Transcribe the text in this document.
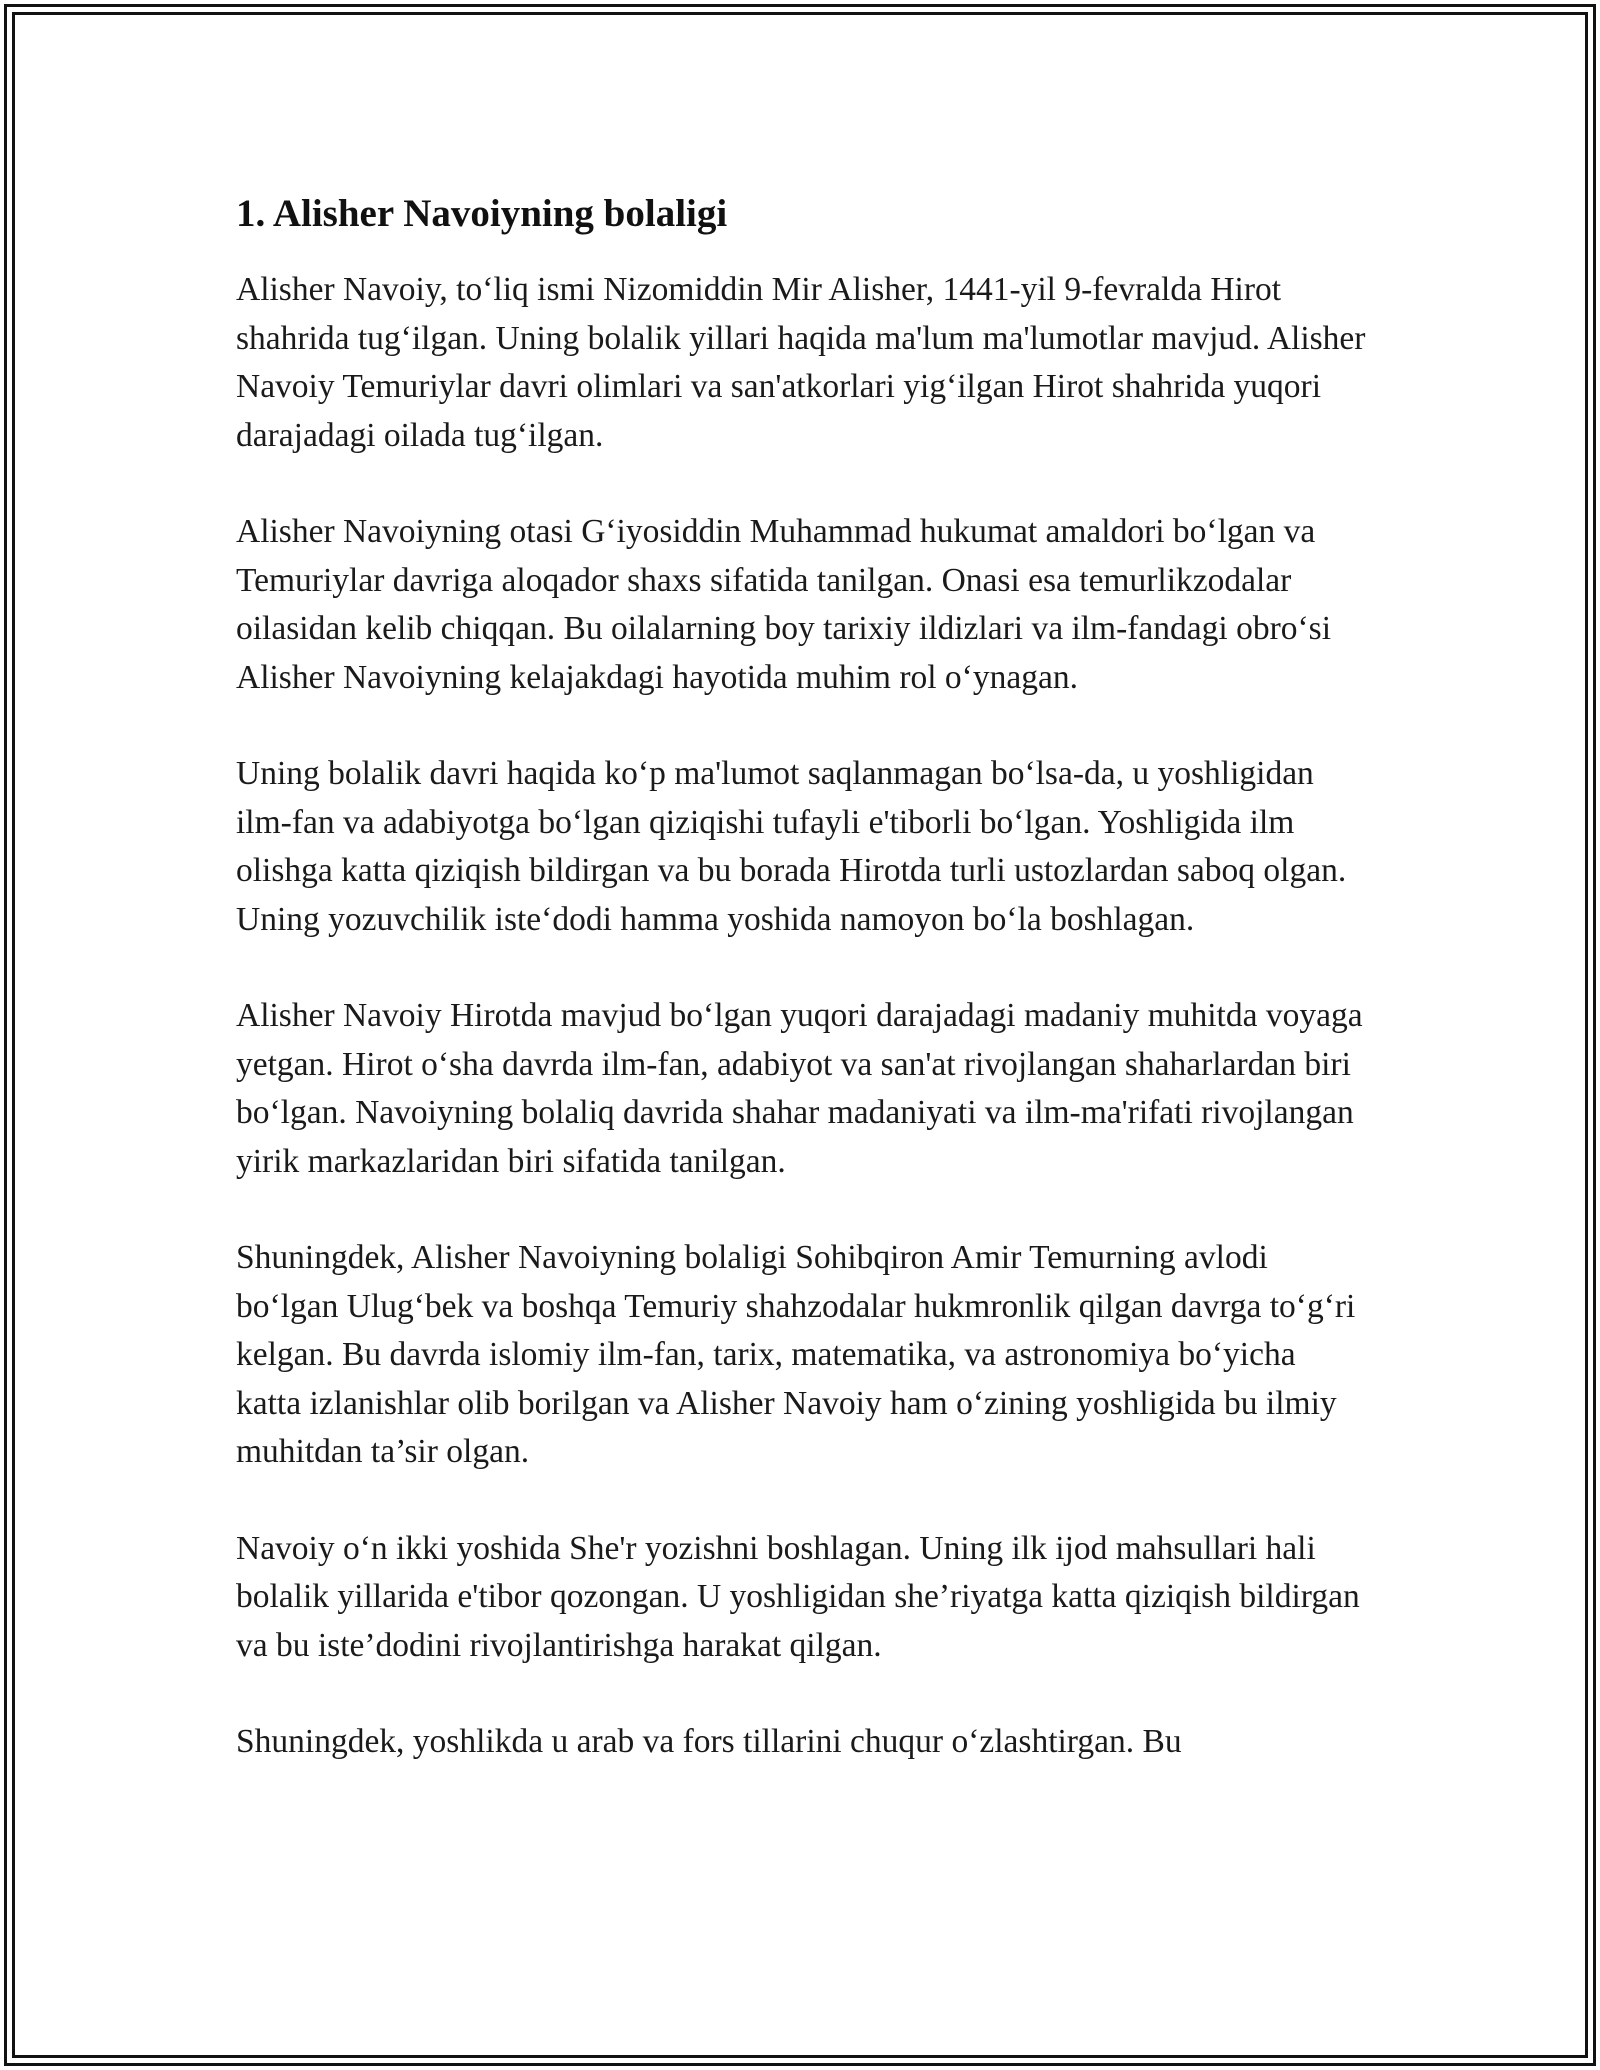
1. Alisher Navoiyning bolaligi

Alisher Navoiy, to‘liq ismi Nizomiddin Mir Alisher, 1441-yil 9-fevralda Hirot shahrida tug‘ilgan. Uning bolalik yillari haqida ma'lum ma'lumotlar mavjud. Alisher Navoiy Temuriylar davri olimlari va san'atkorlari yig‘ilgan Hirot shahrida yuqori darajadagi oilada tug‘ilgan.

Alisher Navoiyning otasi G‘iyosiddin Muhammad hukumat amaldori bo‘lgan va Temuriylar davriga aloqador shaxs sifatida tanilgan. Onasi esa temurlikzodalar oilasidan kelib chiqqan. Bu oilalarning boy tarixiy ildizlari va ilm-fandagi obro‘si Alisher Navoiyning kelajakdagi hayotida muhim rol o‘ynagan.

Uning bolalik davri haqida ko‘p ma'lumot saqlanmagan bo‘lsa-da, u yoshligidan ilm-fan va adabiyotga bo‘lgan qiziqishi tufayli e'tiborli bo‘lgan. Yoshligida ilm olishga katta qiziqish bildirgan va bu borada Hirotda turli ustozlardan saboq olgan. Uning yozuvchilik iste‘dodi hamma yoshida namoyon bo‘la boshlagan.

Alisher Navoiy Hirotda mavjud bo‘lgan yuqori darajadagi madaniy muhitda voyaga yetgan. Hirot o‘sha davrda ilm-fan, adabiyot va san'at rivojlangan shaharlardan biri bo‘lgan. Navoiyning bolaliq davrida shahar madaniyati va ilm-ma'rifati rivojlangan yirik markazlaridan biri sifatida tanilgan.

Shuningdek, Alisher Navoiyning bolaligi Sohibqiron Amir Temurning avlodi bo‘lgan Ulug‘bek va boshqa Temuriy shahzodalar hukmronlik qilgan davrga to‘g‘ri kelgan. Bu davrda islomiy ilm-fan, tarix, matematika, va astronomiya bo‘yicha katta izlanishlar olib borilgan va Alisher Navoiy ham o‘zining yoshligida bu ilmiy muhitdan ta’sir olgan.

Navoiy o‘n ikki yoshida She'r yozishni boshlagan. Uning ilk ijod mahsullari hali bolalik yillarida e'tibor qozongan. U yoshligidan she’riyatga katta qiziqish bildirgan va bu iste’dodini rivojlantirishga harakat qilgan.

Shuningdek, yoshlikda u arab va fors tillarini chuqur o‘zlashtirgan. Bu
